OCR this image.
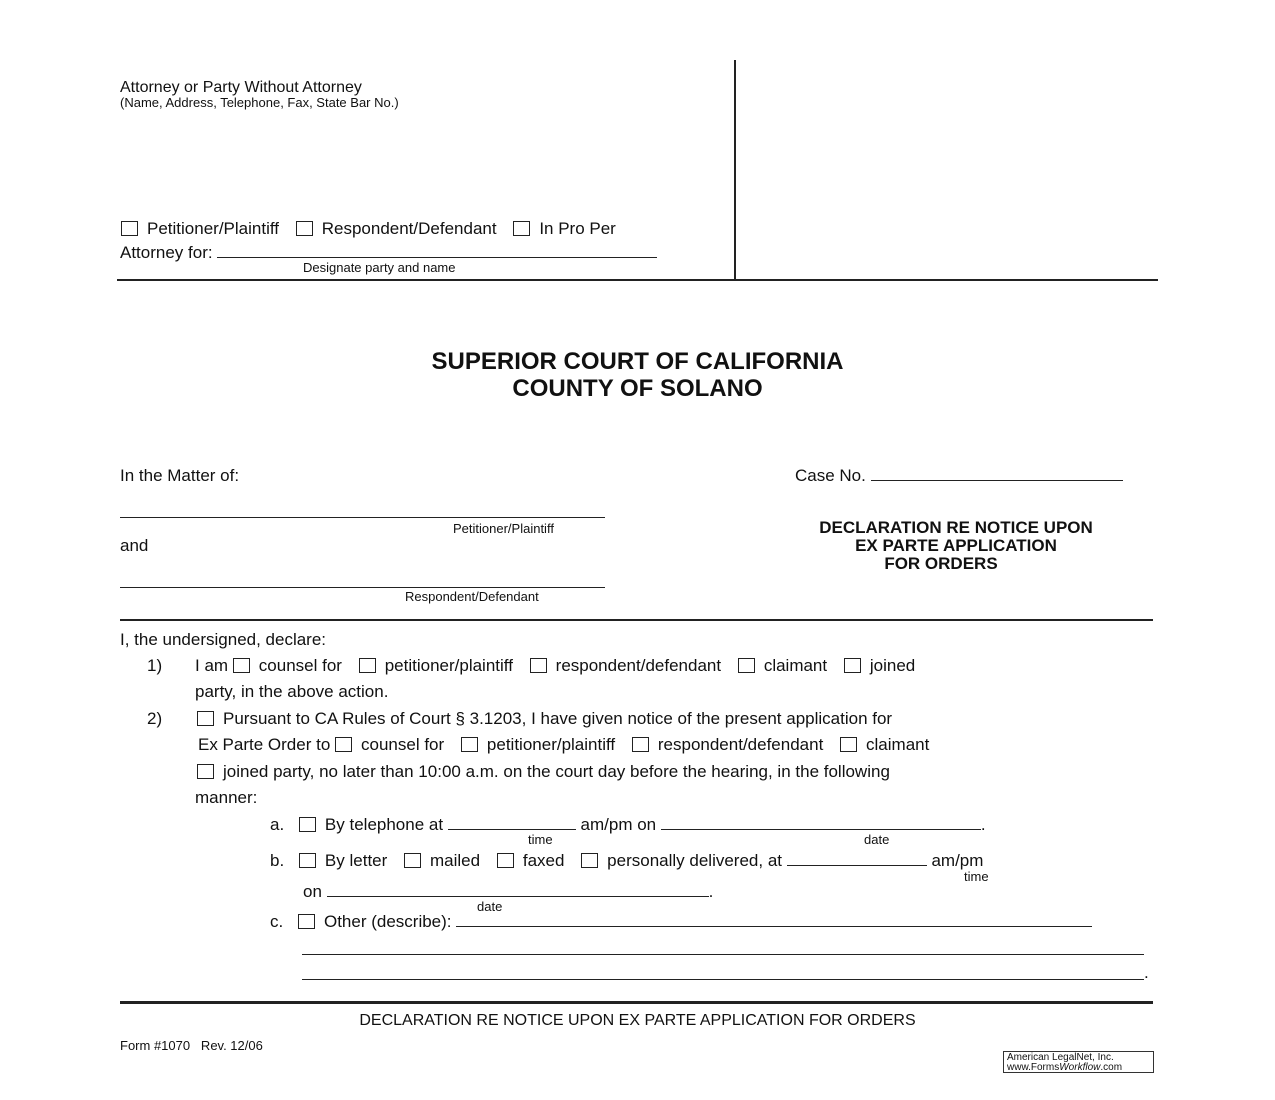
Attorney or Party Without Attorney
(Name, Address, Telephone, Fax, State Bar No.)
Petitioner/Plaintiff	Respondent/Defendant	In Pro Per
Attorney for:
Designate party and name
SUPERIOR COURT OF CALIFORNIA
COUNTY OF SOLANO
In the Matter of:	Case No.
Petitioner/Plaintiff
and
Respondent/Defendant
DECLARATION RE NOTICE UPON
EX PARTE APPLICATION
FOR ORDERS
I, the undersigned, declare:
1) I am counsel for	petitioner/plaintiff	respondent/defendant	claimant	joined
party, in the above action.
2)	Pursuant to CA Rules of Court § 3.1203, I have given notice of the present application for
Ex Parte Order to counsel for	petitioner/plaintiff	respondent/defendant	claimant
joined party, no later than 10:00 a.m. on the court day before the hearing, in the following
manner:
a. By telephone at	am/pm on	.
time	date
b. By letter	mailed	faxed	personally delivered, at	am/pm
time
on	.
date
c. Other (describe):
.
DECLARATION RE NOTICE UPON EX PARTE APPLICATION FOR ORDERS
Form #1070   Rev. 12/06
American LegalNet, Inc.
www.FormsWorkflow.com
